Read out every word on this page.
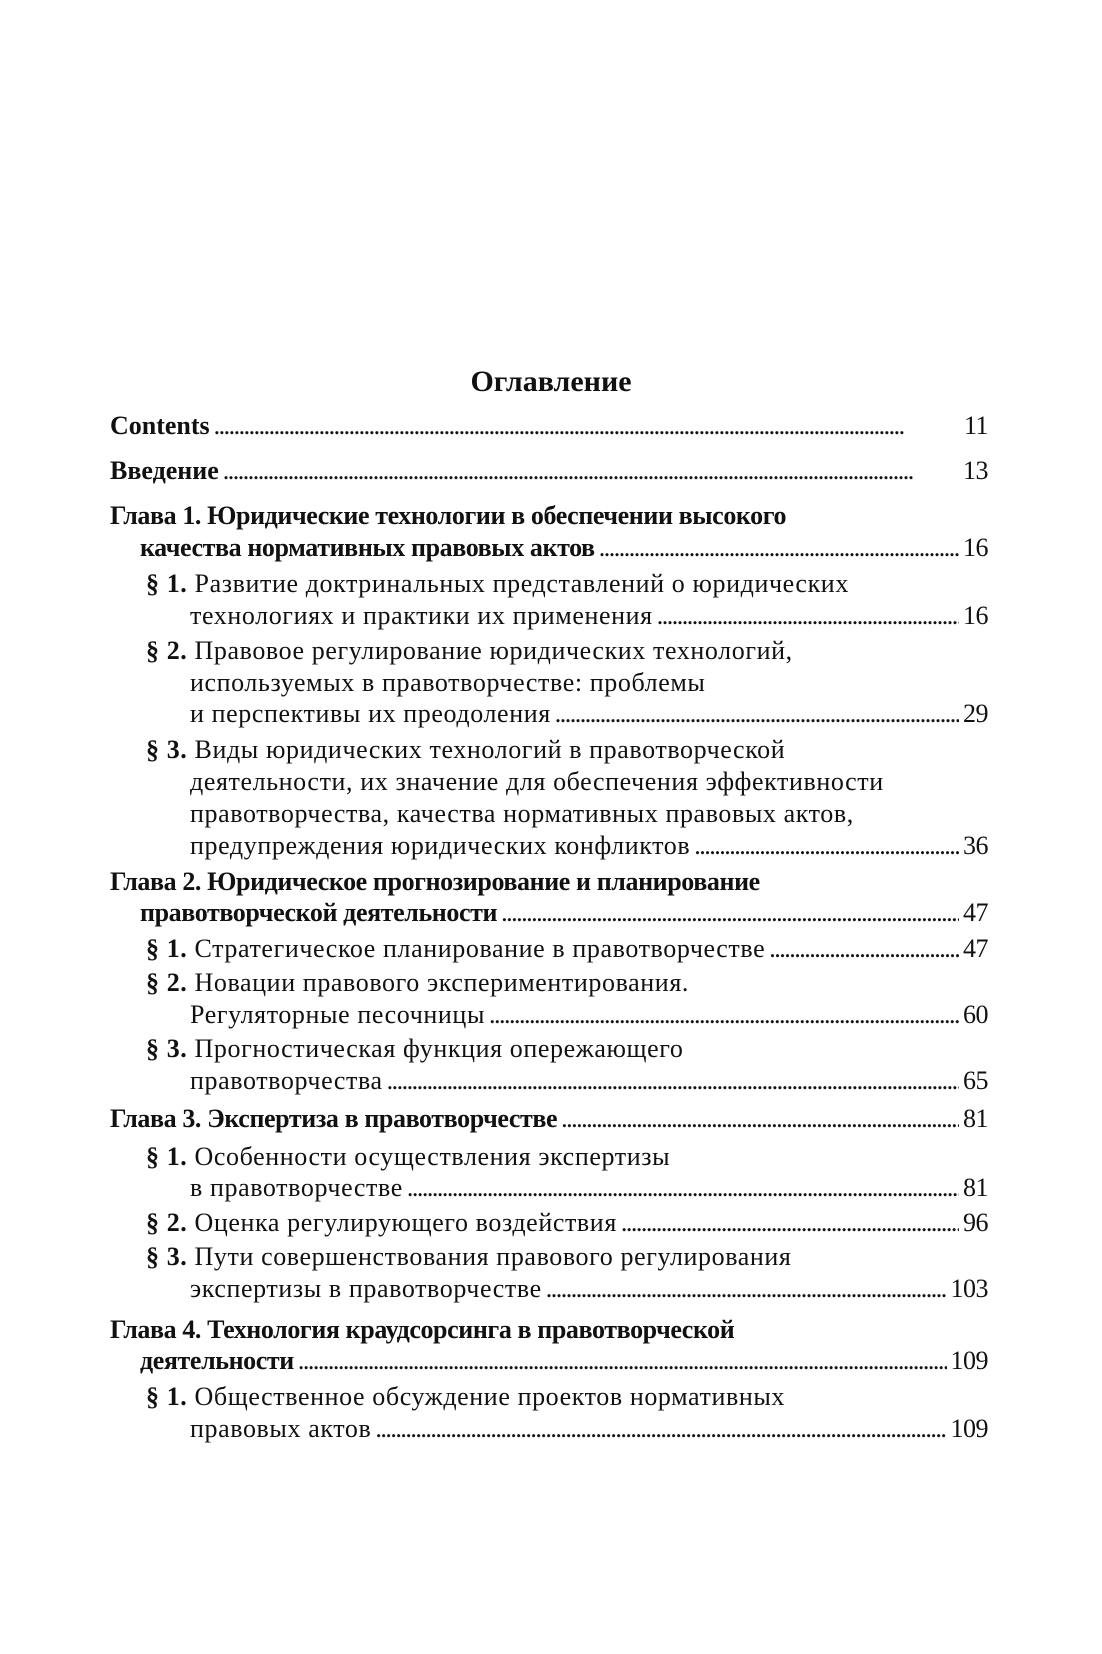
Оглавление
Contents . . .	11
Введение . . .	13
Глава 1. Юридические технологии в обеспечении высокого
качества нормативных правовых актов . . .	16
§ 1. Развитие доктринальных представлений о юридических
технологиях и практики их применения . . .	16
§ 2. Правовое регулирование юридических технологий,
используемых в правотворчестве: проблемы
и перспективы их преодоления . . .	29
§ 3. Виды юридических технологий в правотворческой
деятельности, их значение для обеспечения эффективности
правотворчества, качества нормативных правовых актов,
предупреждения юридических конфликтов . . .	36
Глава 2. Юридическое прогнозирование и планирование
правотворческой деятельности . . .	47
§ 1. Стратегическое планирование в правотворчестве . . .	47
§ 2. Новации правового экспериментирования.
Регуляторные песочницы . . .	60
§ 3. Прогностическая функция опережающего
правотворчества . . .	65
Глава 3. Экспертиза в правотворчестве . . .	81
§ 1. Особенности осуществления экспертизы
в правотворчестве . . .	81
§ 2. Оценка регулирующего воздействия . . .	96
§ 3. Пути совершенствования правового регулирования
экспертизы в правотворчестве . . .	103
Глава 4. Технология краудсорсинга в правотворческой
деятельности . . .	109
§ 1. Общественное обсуждение проектов нормативных
правовых актов . . .	109
